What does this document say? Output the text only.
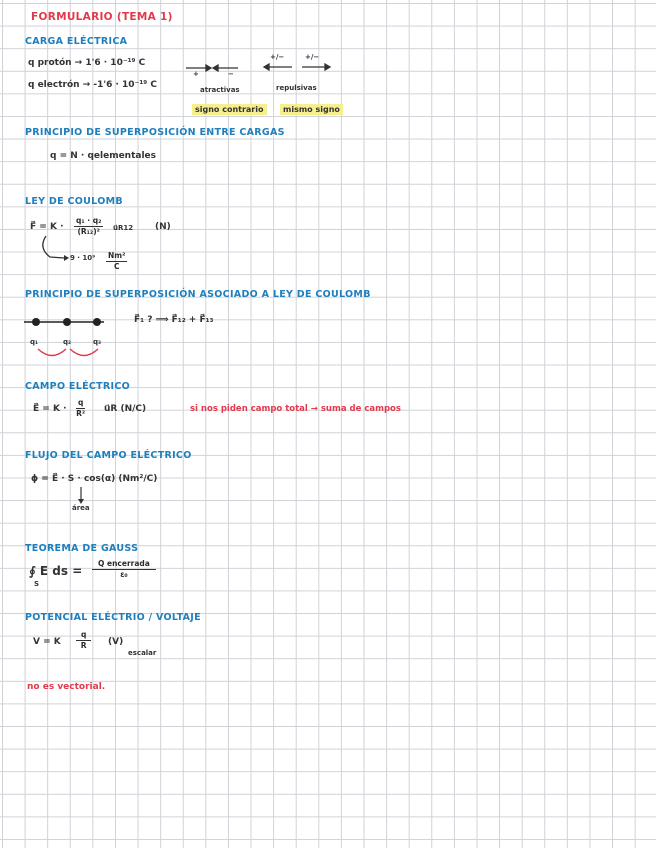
FORMULARIO (TEMA 1)
CARGA ELÉCTRICA
q protón → 1'6 · 10⁻¹⁹ C
q electrón → -1'6 · 10⁻¹⁹ C
+	−
+/−	+/−
atractivas	repulsivas
signo contrario	mismo signo
PRINCIPIO DE SUPERPOSICIÓN ENTRE CARGAS
q = N · qelementales
LEY DE COULOMB
F⃗ = $K \cdot \frac{\text{q₁ · q₂}}{\text{(R₁₂)²}}$ u⃗R12 (N)
$9 \cdot 10^9 \frac{\text{Nm²}}{C}$
PRINCIPIO DE SUPERPOSICIÓN ASOCIADO A LEY DE COULOMB
F⃗₁ ? ⟹ F⃗₁₂ + F⃗₁₃
q₁	q₂	q₃
CAMPO ELÉCTRICO
E⃗ = $K \cdot \frac{q}{\text{R²}}$ u⃗R (N/C)	si nos piden campo total → suma de campos
FLUJO DEL CAMPO ELÉCTRICO
ϕ = E⃗ · S · cos(α) (Nm²/C)
área
TEOREMA DE GAUSS
∮ E ds =
S
Q encerrada
ε₀
POTENCIAL ELÉCTRIO / VOLTAJE
V = K $\frac{q}{R} (V)$
escalar
no es vectorial.
